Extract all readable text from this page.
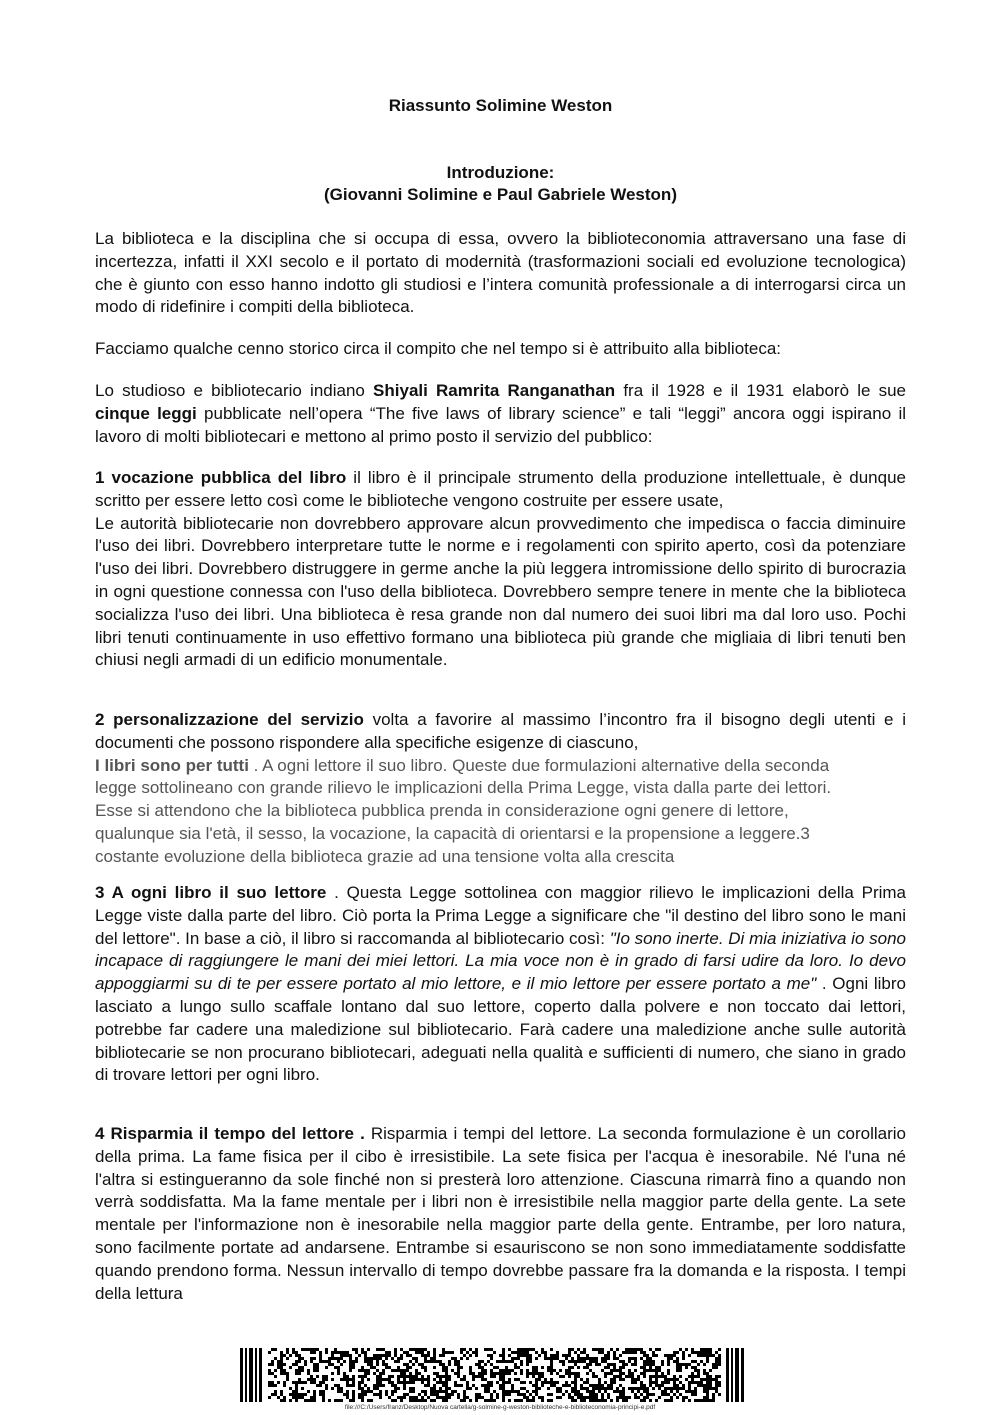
Riassunto Solimine Weston
Introduzione:
(Giovanni Solimine e Paul Gabriele Weston)

La biblioteca e la disciplina che si occupa di essa, ovvero la biblioteconomia attraversano una fase di incertezza, infatti il XXI secolo e il portato di modernità (trasformazioni sociali ed evoluzione tecnologica) che è giunto con esso hanno indotto gli studiosi e l’intera comunità professionale a di interrogarsi circa un modo di ridefinire i compiti della biblioteca.

Facciamo qualche cenno storico circa il compito che nel tempo si è attribuito alla biblioteca:

Lo studioso e bibliotecario indiano Shiyali Ramrita Ranganathan fra il 1928 e il 1931 elaborò le sue cinque leggi pubblicate nell’opera “The five laws of library science” e tali “leggi” ancora oggi ispirano il lavoro di molti bibliotecari e mettono al primo posto il servizio del pubblico:

1 vocazione pubblica del libro il libro è il principale strumento della produzione intellettuale, è dunque scritto per essere letto così come le biblioteche vengono costruite per essere usate,

Le autorità bibliotecarie non dovrebbero approvare alcun provvedimento che impedisca o faccia diminuire l'uso dei libri. Dovrebbero interpretare tutte le norme e i regolamenti con spirito aperto, così da potenziare l'uso dei libri. Dovrebbero distruggere in germe anche la più leggera intromissione dello spirito di burocrazia in ogni questione connessa con l'uso della biblioteca. Dovrebbero sempre tenere in mente che la biblioteca socializza l'uso dei libri. Una biblioteca è resa grande non dal numero dei suoi libri ma dal loro uso. Pochi libri tenuti continuamente in uso effettivo formano una biblioteca più grande che migliaia di libri tenuti ben chiusi negli armadi di un edificio monumentale.

2 personalizzazione del servizio volta a favorire al massimo l’incontro fra il bisogno degli utenti e i documenti che possono rispondere alla specifiche esigenze di ciascuno,

I libri sono per tutti . A ogni lettore il suo libro. Queste due formulazioni alternative della seconda
legge sottolineano con grande rilievo le implicazioni della Prima Legge, vista dalla parte dei lettori.
Esse si attendono che la biblioteca pubblica prenda in considerazione ogni genere di lettore,
qualunque sia l'età, il sesso, la vocazione, la capacità di orientarsi e la propensione a leggere.3
costante evoluzione della biblioteca grazie ad una tensione volta alla crescita

3 A ogni libro il suo lettore . Questa Legge sottolinea con maggior rilievo le implicazioni della Prima Legge viste dalla parte del libro. Ciò porta la Prima Legge a significare che "il destino del libro sono le mani del lettore". In base a ciò, il libro si raccomanda al bibliotecario così: "Io sono inerte. Di mia iniziativa io sono incapace di raggiungere le mani dei miei lettori. La mia voce non è in grado di farsi udire da loro. Io devo appoggiarmi su di te per essere portato al mio lettore, e il mio lettore per essere portato a me" . Ogni libro lasciato a lungo sullo scaffale lontano dal suo lettore, coperto dalla polvere e non toccato dai lettori, potrebbe far cadere una maledizione sul bibliotecario. Farà cadere una maledizione anche sulle autorità bibliotecarie se non procurano bibliotecari, adeguati nella qualità e sufficienti di numero, che siano in grado di trovare lettori per ogni libro.

4 Risparmia il tempo del lettore . Risparmia i tempi del lettore. La seconda formulazione è un corollario della prima. La fame fisica per il cibo è irresistibile. La sete fisica per l'acqua è inesorabile. Né l'una né l'altra si estingueranno da sole finché non si presterà loro attenzione. Ciascuna rimarrà fino a quando non verrà soddisfatta. Ma la fame mentale per i libri non è irresistibile nella maggior parte della gente. La sete mentale per l'informazione non è inesorabile nella maggior parte della gente. Entrambe, per loro natura, sono facilmente portate ad andarsene. Entrambe si esauriscono se non sono immediatamente soddisfatte quando prendono forma. Nessun intervallo di tempo dovrebbe passare fra la domanda e la risposta. I tempi della lettura

file:///C:/Users/franz/Desktop/Nuova cartella/g-solmine-g-weston-biblioteche-e-biblioteconomia-principi-e.pdf
